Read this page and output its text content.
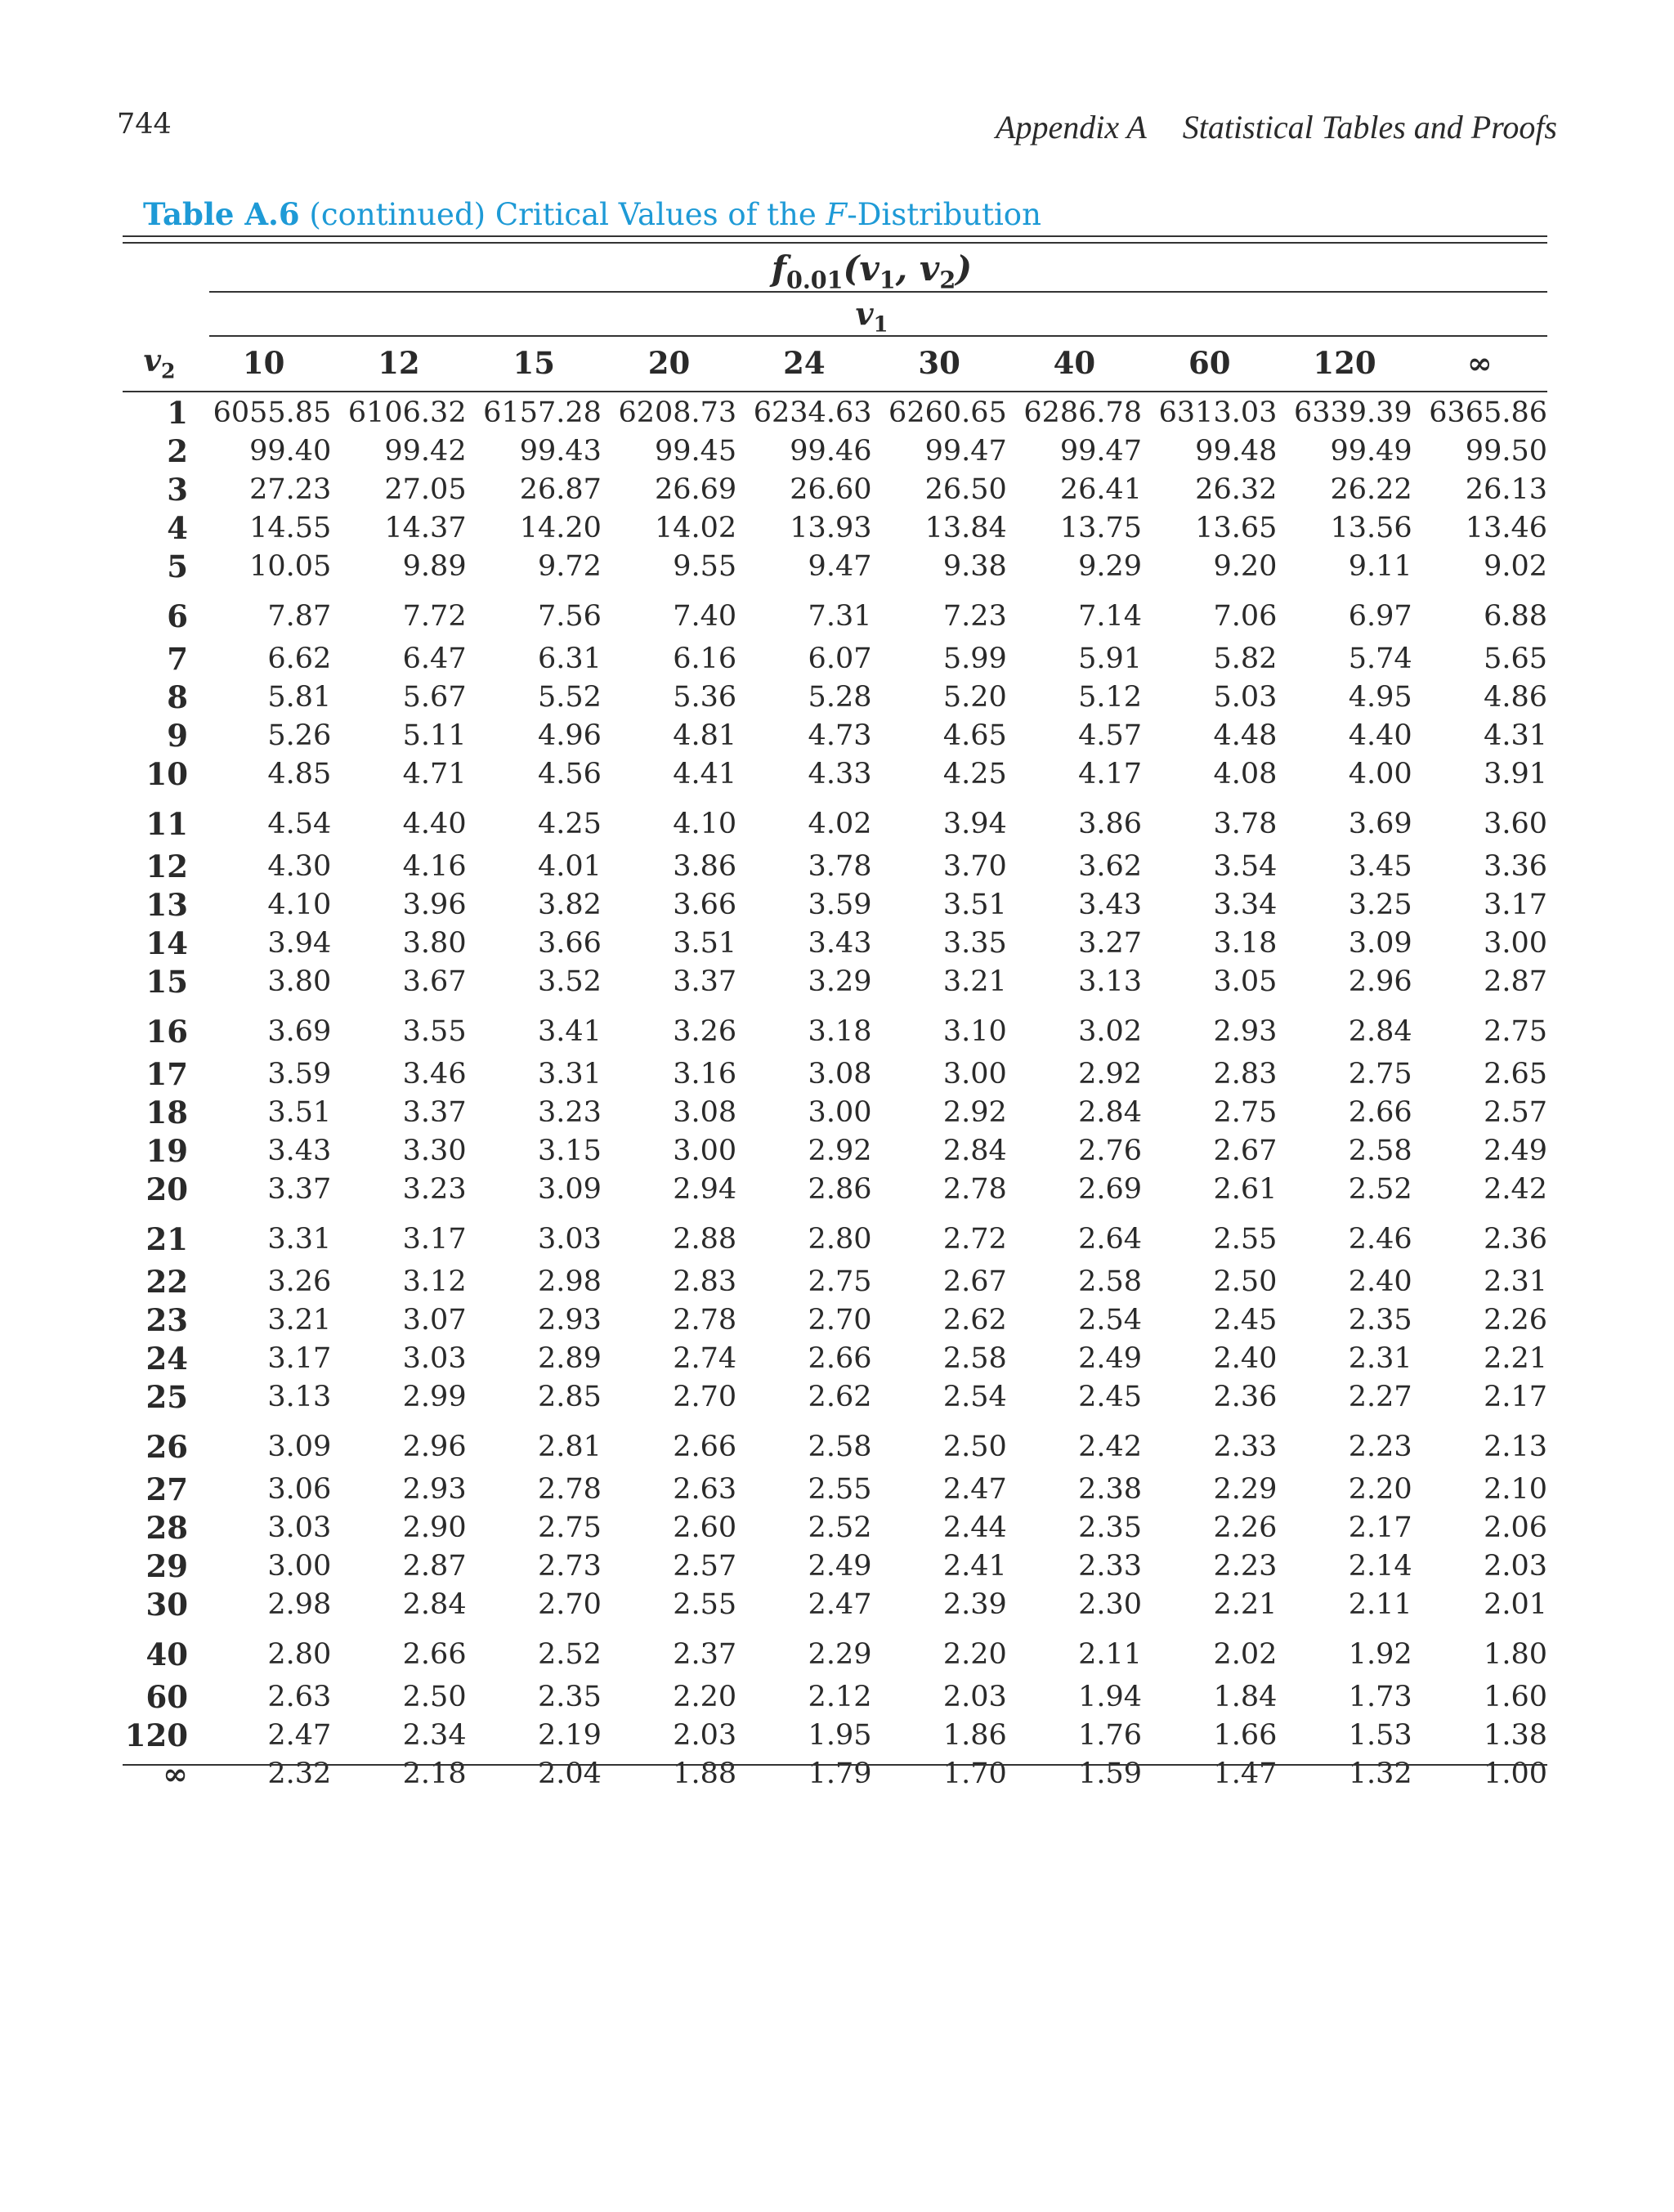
744	Appendix A Statistical Tables and Proofs
Table A.6 (continued) Critical Values of the F-Distribution
$f_{0.01}(v_1$, $v_2$)
$v_1$
$v_2$	10	12	15	20	24	30	40	60	120	∞
1	6055.85	6106.32	6157.28	6208.73	6234.63	6260.65	6286.78	6313.03	6339.39	6365.86
2	99.40	99.42	99.43	99.45	99.46	99.47	99.47	99.48	99.49	99.50
3	27.23	27.05	26.87	26.69	26.60	26.50	26.41	26.32	26.22	26.13
4	14.55	14.37	14.20	14.02	13.93	13.84	13.75	13.65	13.56	13.46
5	10.05	9.89	9.72	9.55	9.47	9.38	9.29	9.20	9.11	9.02
6	7.87	7.72	7.56	7.40	7.31	7.23	7.14	7.06	6.97	6.88
7	6.62	6.47	6.31	6.16	6.07	5.99	5.91	5.82	5.74	5.65
8	5.81	5.67	5.52	5.36	5.28	5.20	5.12	5.03	4.95	4.86
9	5.26	5.11	4.96	4.81	4.73	4.65	4.57	4.48	4.40	4.31
10	4.85	4.71	4.56	4.41	4.33	4.25	4.17	4.08	4.00	3.91
11	4.54	4.40	4.25	4.10	4.02	3.94	3.86	3.78	3.69	3.60
12	4.30	4.16	4.01	3.86	3.78	3.70	3.62	3.54	3.45	3.36
13	4.10	3.96	3.82	3.66	3.59	3.51	3.43	3.34	3.25	3.17
14	3.94	3.80	3.66	3.51	3.43	3.35	3.27	3.18	3.09	3.00
15	3.80	3.67	3.52	3.37	3.29	3.21	3.13	3.05	2.96	2.87
16	3.69	3.55	3.41	3.26	3.18	3.10	3.02	2.93	2.84	2.75
17	3.59	3.46	3.31	3.16	3.08	3.00	2.92	2.83	2.75	2.65
18	3.51	3.37	3.23	3.08	3.00	2.92	2.84	2.75	2.66	2.57
19	3.43	3.30	3.15	3.00	2.92	2.84	2.76	2.67	2.58	2.49
20	3.37	3.23	3.09	2.94	2.86	2.78	2.69	2.61	2.52	2.42
21	3.31	3.17	3.03	2.88	2.80	2.72	2.64	2.55	2.46	2.36
22	3.26	3.12	2.98	2.83	2.75	2.67	2.58	2.50	2.40	2.31
23	3.21	3.07	2.93	2.78	2.70	2.62	2.54	2.45	2.35	2.26
24	3.17	3.03	2.89	2.74	2.66	2.58	2.49	2.40	2.31	2.21
25	3.13	2.99	2.85	2.70	2.62	2.54	2.45	2.36	2.27	2.17
26	3.09	2.96	2.81	2.66	2.58	2.50	2.42	2.33	2.23	2.13
27	3.06	2.93	2.78	2.63	2.55	2.47	2.38	2.29	2.20	2.10
28	3.03	2.90	2.75	2.60	2.52	2.44	2.35	2.26	2.17	2.06
29	3.00	2.87	2.73	2.57	2.49	2.41	2.33	2.23	2.14	2.03
30	2.98	2.84	2.70	2.55	2.47	2.39	2.30	2.21	2.11	2.01
40	2.80	2.66	2.52	2.37	2.29	2.20	2.11	2.02	1.92	1.80
60	2.63	2.50	2.35	2.20	2.12	2.03	1.94	1.84	1.73	1.60
120	2.47	2.34	2.19	2.03	1.95	1.86	1.76	1.66	1.53	1.38
∞	2.32	2.18	2.04	1.88	1.79	1.70	1.59	1.47	1.32	1.00
